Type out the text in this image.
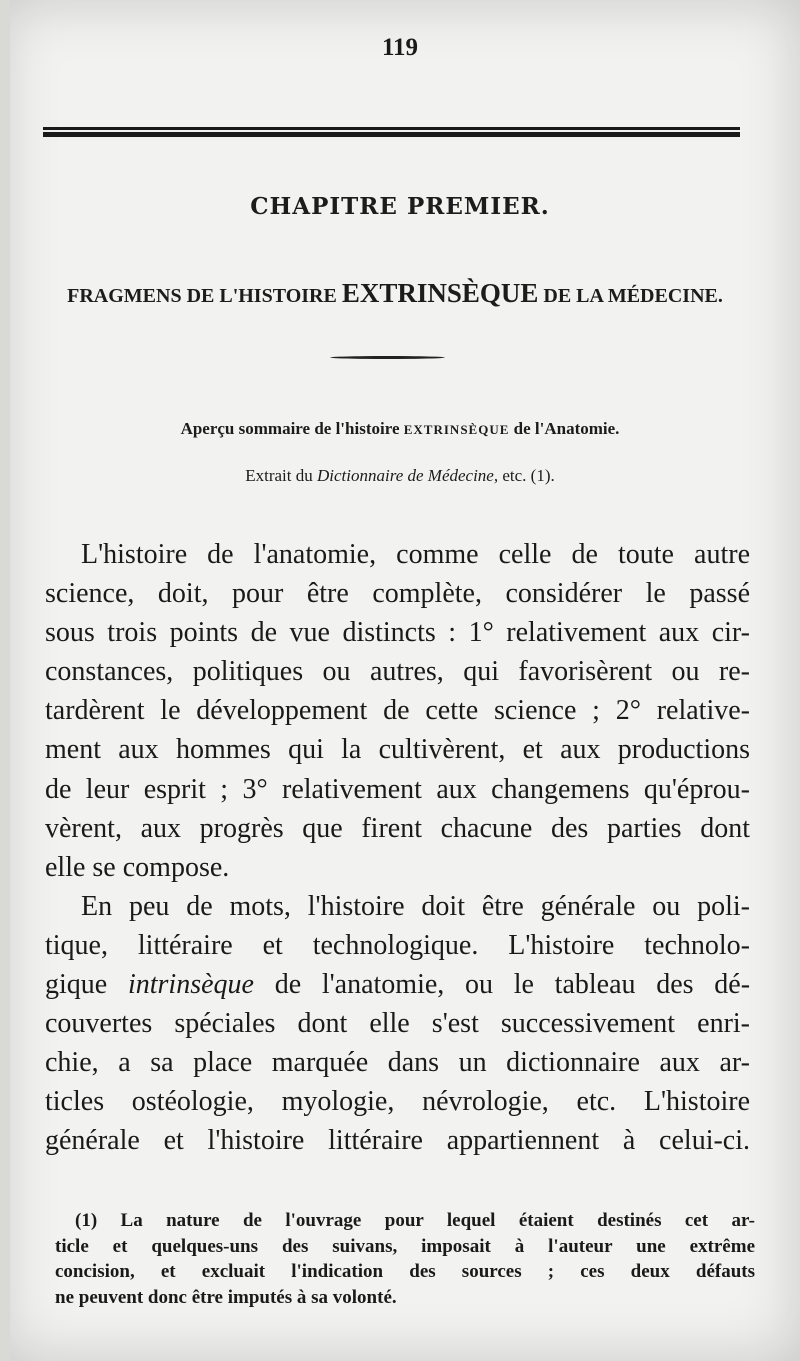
119
CHAPITRE PREMIER.
FRAGMENS DE L'HISTOIRE EXTRINSÈQUE DE LA MÉDECINE.
Aperçu sommaire de l'histoire EXTRINSÈQUE de l'Anatomie.
Extrait du Dictionnaire de Médecine, etc. (1).
L'histoire de l'anatomie, comme celle de toute autre
science, doit, pour être complète, considérer le passé
sous trois points de vue distincts : 1° relativement aux cir-
constances, politiques ou autres, qui favorisèrent ou re-
tardèrent le développement de cette science ; 2° relative-
ment aux hommes qui la cultivèrent, et aux productions
de leur esprit ; 3° relativement aux changemens qu'éprou-
vèrent, aux progrès que firent chacune des parties dont
elle se compose.
En peu de mots, l'histoire doit être générale ou poli-
tique, littéraire et technologique. L'histoire technolo-
gique intrinsèque de l'anatomie, ou le tableau des dé-
couvertes spéciales dont elle s'est successivement enri-
chie, a sa place marquée dans un dictionnaire aux ar-
ticles ostéologie, myologie, névrologie, etc. L'histoire
générale et l'histoire littéraire appartiennent à celui-ci.
(1) La nature de l'ouvrage pour lequel étaient destinés cet ar-
ticle et quelques-uns des suivans, imposait à l'auteur une extrême
concision, et excluait l'indication des sources ; ces deux défauts
ne peuvent donc être imputés à sa volonté.
